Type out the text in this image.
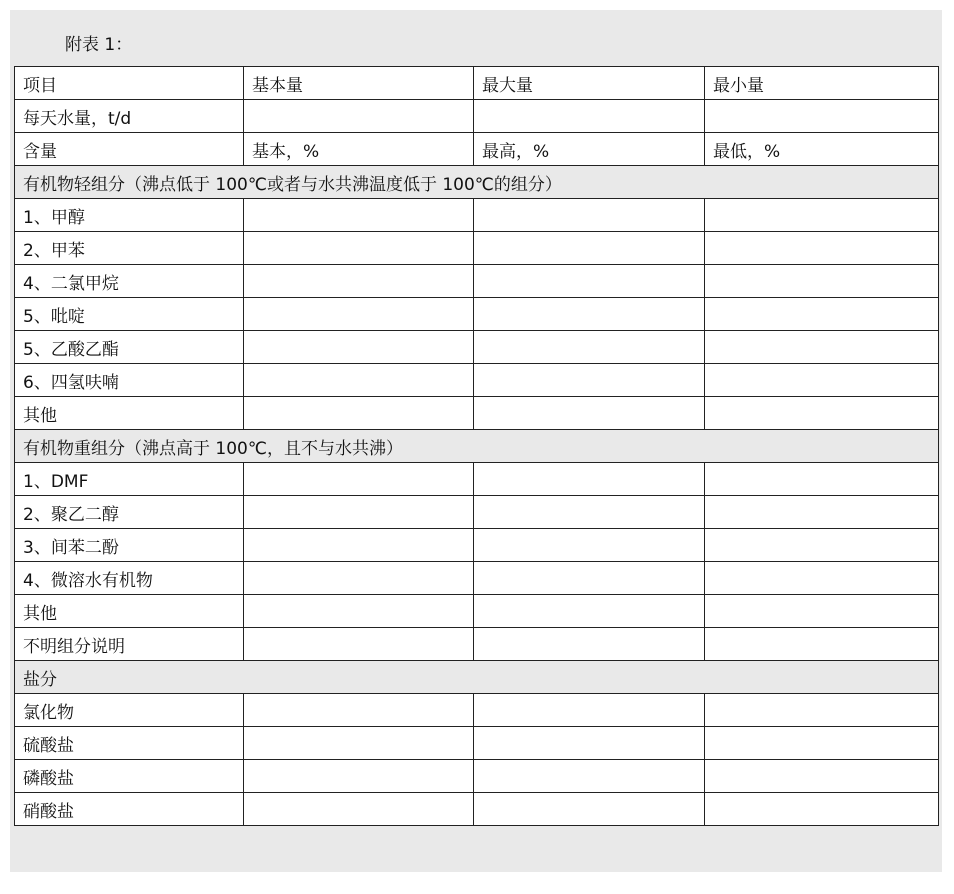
附表 1：
项目	基本量	最大量	最小量
每天水量，t/d			
含量	基本，%	最高，%	最低，%
有机物轻组分（沸点低于 100℃或者与水共沸温度低于 100℃的组分）			
1、甲醇			
2、甲苯			
4、二氯甲烷			
5、吡啶			
5、乙酸乙酯			
6、四氢呋喃			
其他			
有机物重组分（沸点高于 100℃，且不与水共沸）			
1、DMF			
2、聚乙二醇			
3、间苯二酚			
4、微溶水有机物			
其他			
不明组分说明			
盐分			
氯化物			
硫酸盐			
磷酸盐			
硝酸盐			
